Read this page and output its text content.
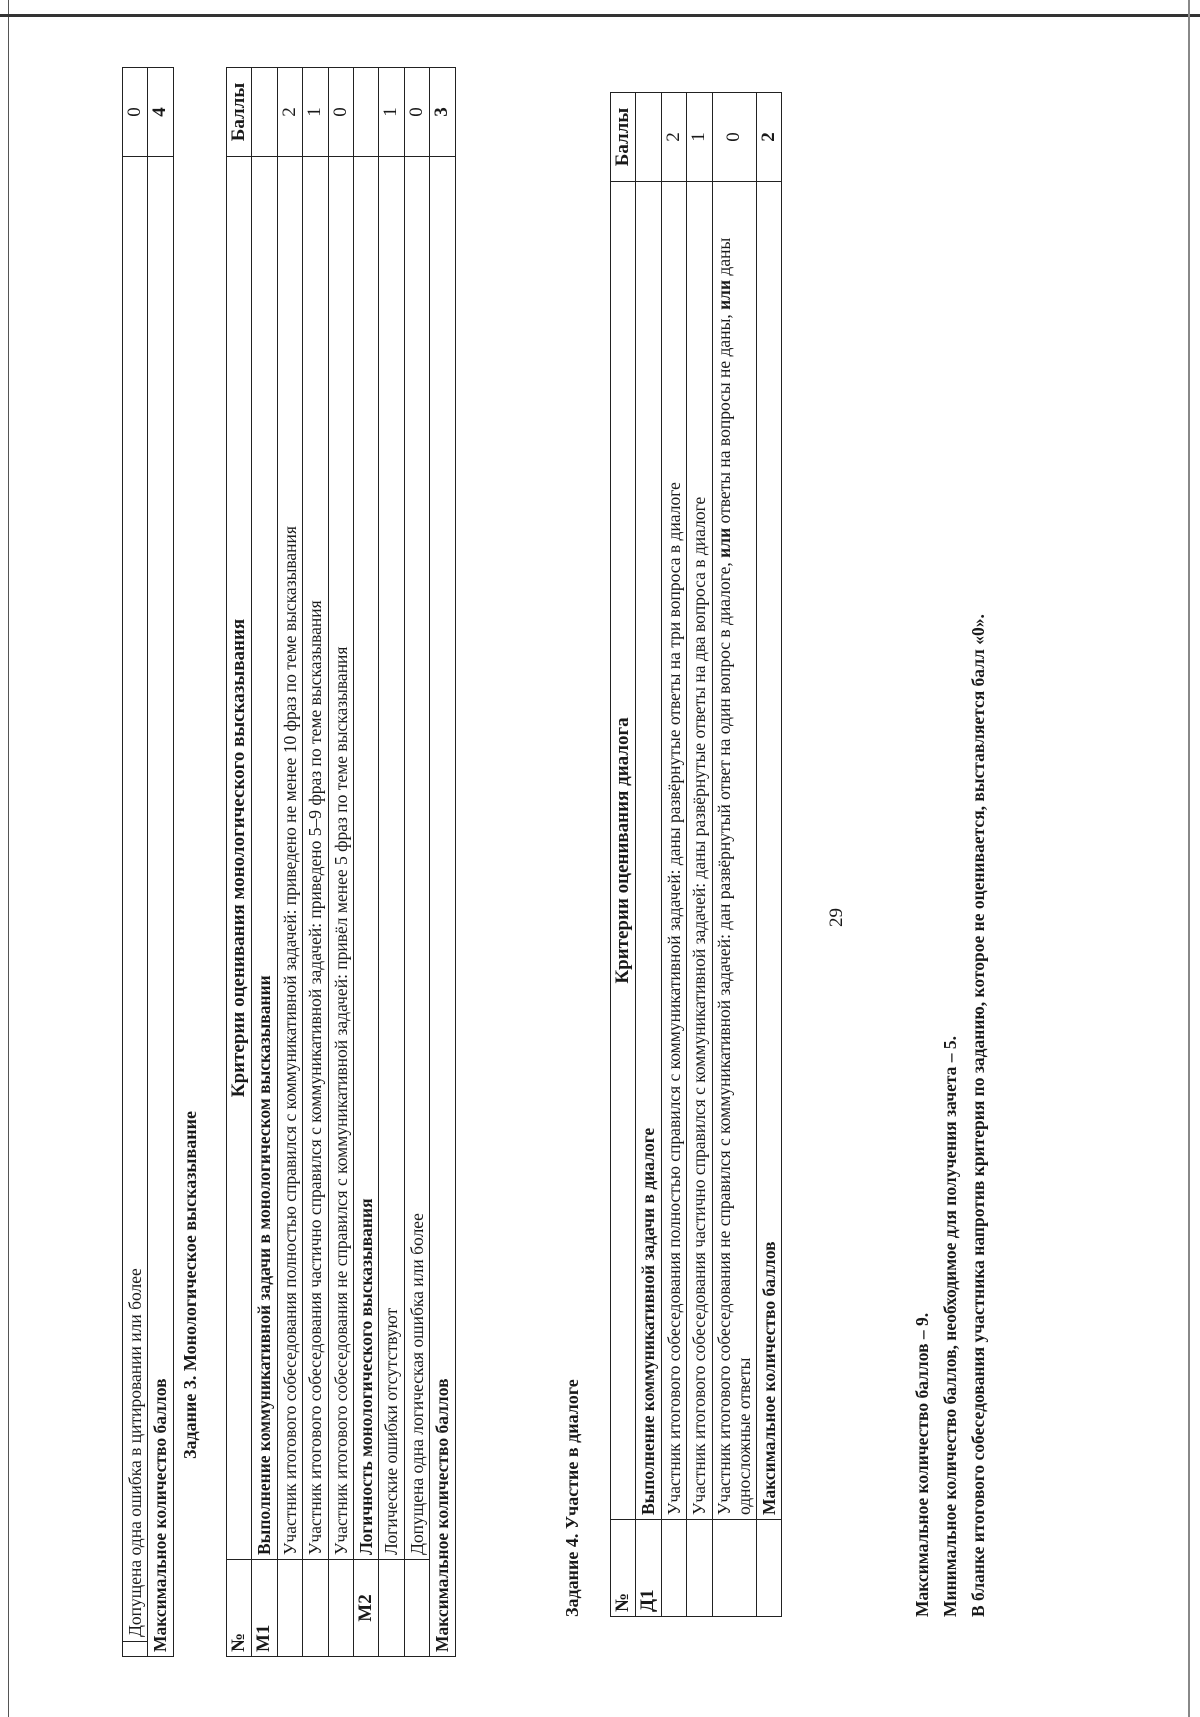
29
	Допущена одна ошибка в цитировании или более	0
Максимальное количество баллов		4
Задание 3. Монологическое высказывание
№	Критерии оценивания монологического высказывания	Баллы
М1	Выполнение коммуникативной задачи в монологическом высказывании	
	Участник итогового собеседования полностью справился с коммуникативной задачей: приведено не менее 10 фраз по теме высказывания	2
	Участник итогового собеседования частично справился с коммуникативной задачей: приведено 5–9 фраз по теме высказывания	1
	Участник итогового собеседования не справился с коммуникативной задачей: привёл менее 5 фраз по теме высказывания	0
М2	Логичность монологического высказывания	
	Логические ошибки отсутствуют	1
	Допущена одна логическая ошибка или более	0
Максимальное количество баллов		3
Задание 4. Участие в диалоге №	Критерии оценивания диалога	Баллы
Д1	Выполнение коммуникативной задачи в диалоге	
	Участник итогового собеседования полностью справился с коммуникативной задачей: даны развёрнутые ответы на три вопроса в диалоге	2
	Участник итогового собеседования частично справился с коммуникативной задачей: даны развёрнутые ответы на два вопроса в диалоге	1
	Участник итогового собеседования не справился с коммуникативной задачей: дан развёрнутый ответ на один вопрос в диалоге, или ответы на вопросы не даны, или даны односложные ответы	0
	Максимальное количество баллов	2
Максимальное количество баллов – 9. Минимальное количество баллов, необходимое для получения зачета – 5. В бланке итогового собеседования участника напротив критерия по заданию, которое не оценивается, выставляется балл «0».
